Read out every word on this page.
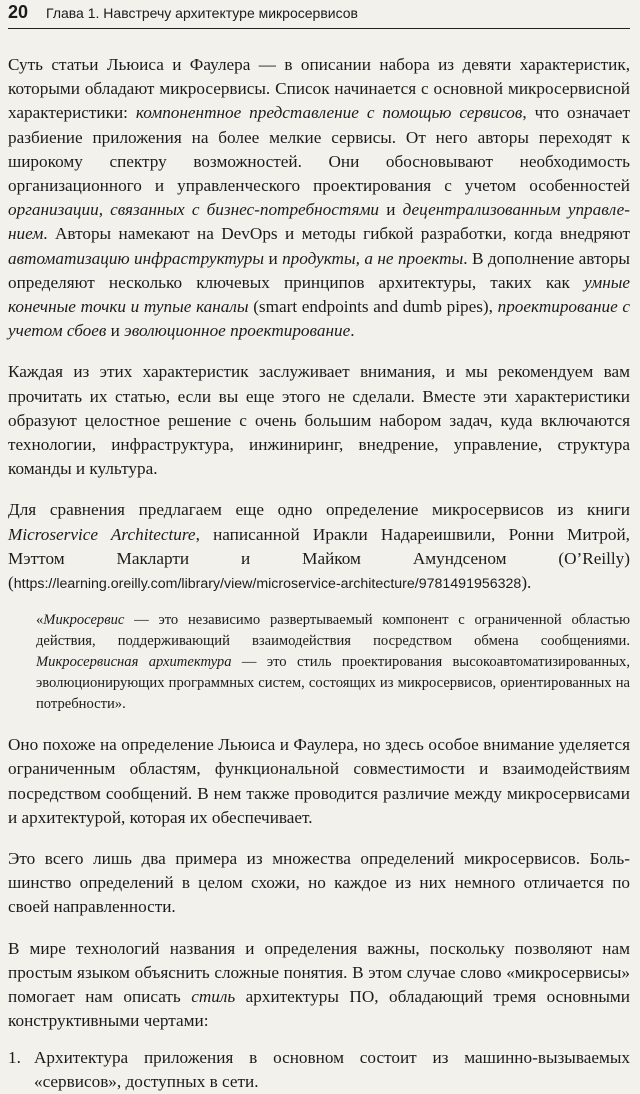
20 Глава 1. Навстречу архитектуре микросервисов

Суть статьи Льюиса и Фаулера — в описании набора из девяти характеристик, которыми обладают микросервисы. Список начинается с основной микросервисной характеристики: компонентное представление с помощью сервисов, что означает разбиение приложения на более мелкие сервисы. От него авторы переходят к широкому спектру возможностей. Они обосновывают необходимость организационного и управленческого проектирования с учетом особенностей организации, связанных с бизнес-потребностями и децентрализованным управлением. Авторы намекают на DevOps и методы гибкой разработки, когда внедряют автоматизацию инфраструктуры и продукты, а не проекты. В дополнение авторы определяют несколько ключевых принципов архитектуры, таких как умные конечные точки и тупые каналы (smart endpoints and dumb pipes), проектирование с учетом сбоев и эволюционное проектирование.

Каждая из этих характеристик заслуживает внимания, и мы рекомендуем вам прочитать их статью, если вы еще этого не сделали. Вместе эти характеристики образуют целостное решение с очень большим набором задач, куда включаются технологии, инфраструктура, инжиниринг, внедрение, управление, структура команды и культура.

Для сравнения предлагаем еще одно определение микросервисов из книги Microservice Architecture, написанной Иракли Надареишвили, Ронни Митрой, Мэттом Макларти и Майком Амундсеном (O’Reilly) (https://learning.oreilly.com/library/view/microservice-architecture/9781491956328).

«Микросервис — это независимо развертываемый компонент с ограниченной областью действия, поддерживающий взаимодействия посредством обмена сообщениями. Микросервисная архитектура — это стиль проектирования высокоавтоматизированных, эволюционирующих программных систем, состоящих из микросервисов, ориентированных на потребности».

Оно похоже на определение Льюиса и Фаулера, но здесь особое внимание уделяется ограниченным областям, функциональной совместимости и взаимодействиям посредством сообщений. В нем также проводится различие между микросервисами и архитектурой, которая их обеспечивает.

Это всего лишь два примера из множества определений микросервисов. Большинство определений в целом схожи, но каждое из них немного отличается по своей направленности.

В мире технологий названия и определения важны, поскольку позволяют нам простым языком объяснить сложные понятия. В этом случае слово «микросервисы» помогает нам описать стиль архитектуры ПО, обладающий тремя основными конструктивными чертами:

1. Архитектура приложения в основном состоит из машинно-вызываемых «сервисов», доступных в сети.
